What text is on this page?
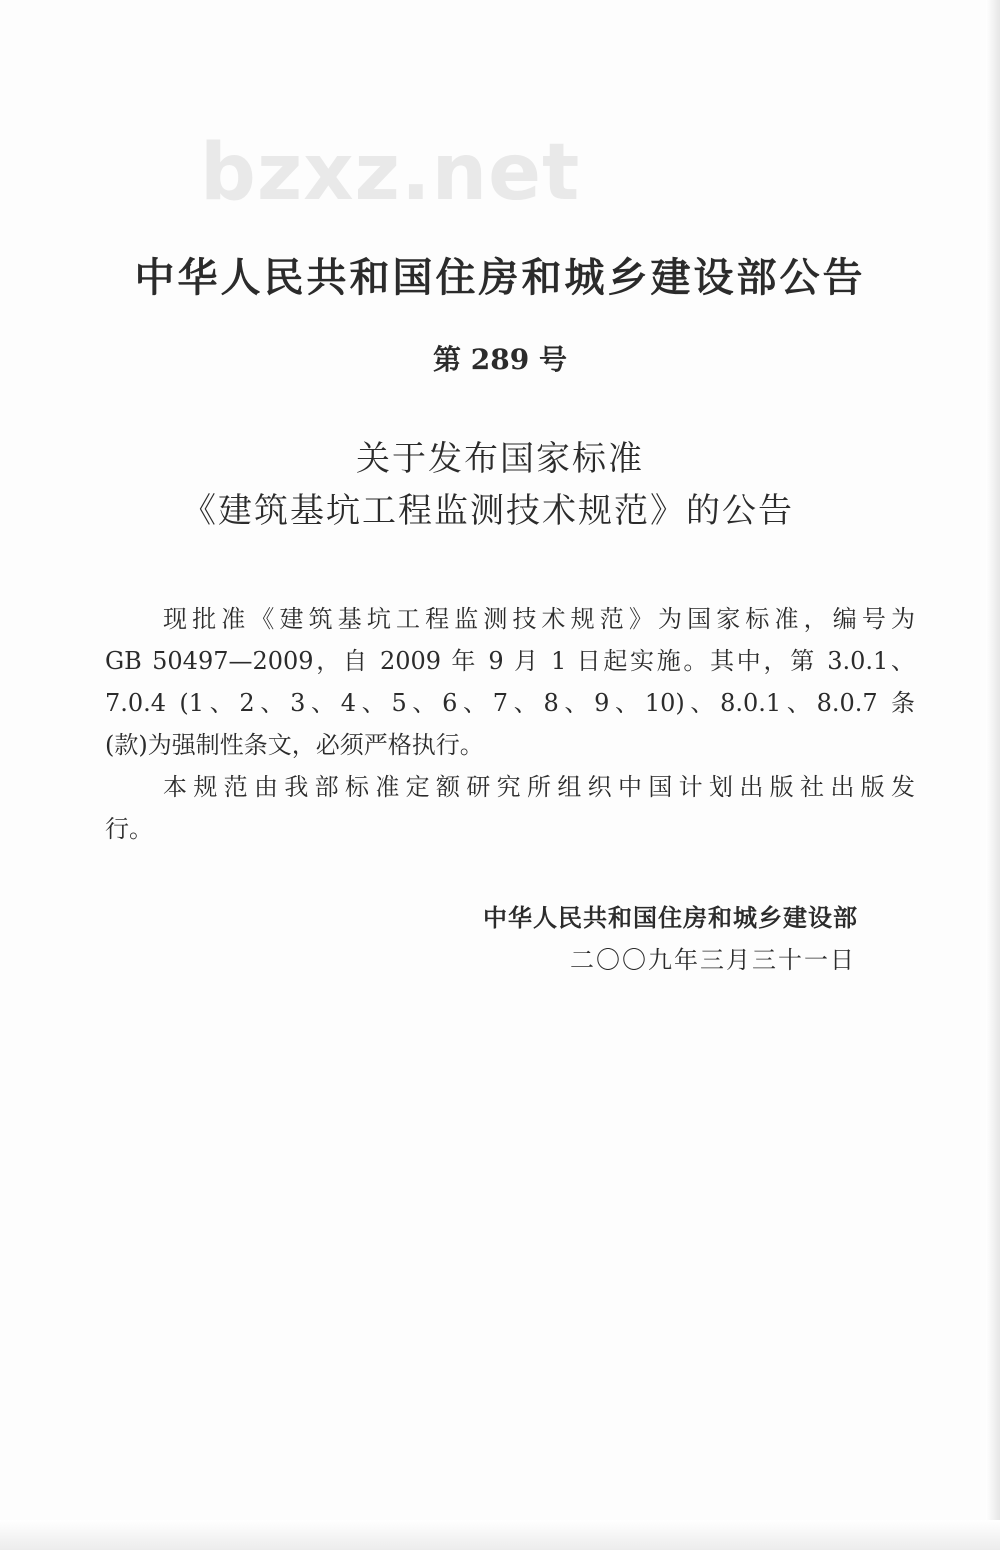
bzxz.net
中华人民共和国住房和城乡建设部公告
第 289 号
关于发布国家标准
《建筑基坑工程监测技术规范》的公告
现批准《建筑基坑工程监测技术规范》为国家标准，编号为
GB 50497—2009，自 2009 年 9 月 1 日起实施。其中，第 3.0.1、
7.0.4 (1、2、3、4、5、6、7、8、9、10)、8.0.1、8.0.7 条
(款)为强制性条文，必须严格执行。
本规范由我部标准定额研究所组织中国计划出版社出版发
行。
中华人民共和国住房和城乡建设部
二〇〇九年三月三十一日
